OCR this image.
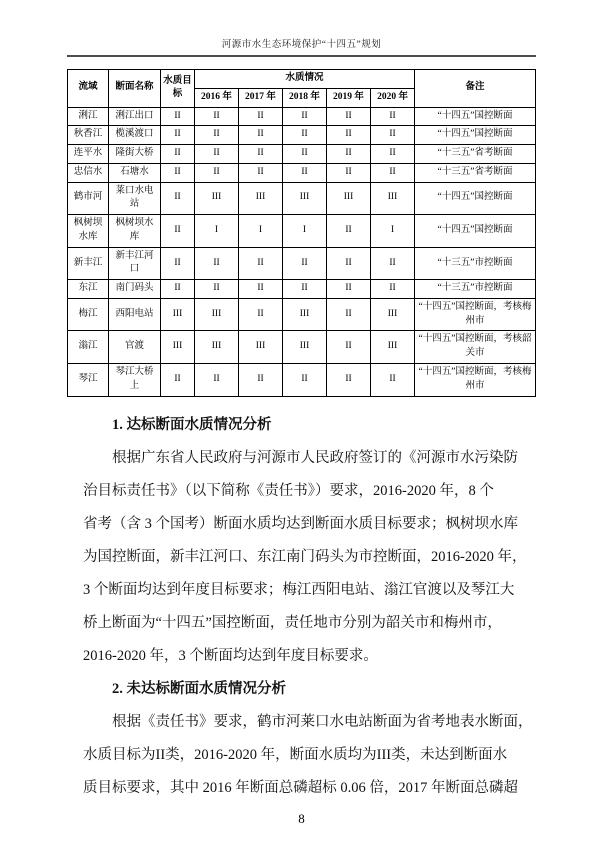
河源市水生态环境保护“十四五”规划
流域	断面名称	水质目标	水质情况					备注
			2016 年	2017 年	2018 年	2019 年	2020 年	
浰江	浰江出口	II	II	II	II	II	II	“十四五”国控断面
秋香江	榄溪渡口	II	II	II	II	II	II	“十四五”国控断面
连平水	隆街大桥	II	II	II	II	II	II	“十三五”省考断面
忠信水	石塘水	II	II	II	II	II	II	“十三五”省考断面
鹤市河	莱口水电站	II	III	III	III	III	III	“十四五”国控断面
枫树坝水库	枫树坝水库	II	I	I	I	II	I	“十四五”国控断面
新丰江	新丰江河口	II	II	II	II	II	II	“十三五”市控断面
东江	南门码头	II	II	II	II	II	II	“十三五”市控断面
梅江	西阳电站	III	III	II	III	II	III	“十四五”国控断面，考核梅州市
滃江	官渡	III	III	III	III	II	III	“十四五”国控断面，考核韶关市
琴江	琴江大桥上	II	II	II	II	II	II	“十四五”国控断面，考核梅州市
1. 达标断面水质情况分析
根据广东省人民政府与河源市人民政府签订的《河源市水污染防
治目标责任书》（以下简称《责任书》）要求，2016-2020 年，8 个
省考（含 3 个国考）断面水质均达到断面水质目标要求；枫树坝水库
为国控断面，新丰江河口、东江南门码头为市控断面，2016-2020 年，
3 个断面均达到年度目标要求；梅江西阳电站、滃江官渡以及琴江大
桥上断面为“十四五”国控断面，责任地市分别为韶关市和梅州市，
2016-2020 年，3 个断面均达到年度目标要求。
2. 未达标断面水质情况分析
根据《责任书》要求，鹤市河莱口水电站断面为省考地表水断面，
水质目标为II类，2016-2020 年，断面水质均为III类，未达到断面水
质目标要求，其中 2016 年断面总磷超标 0.06 倍，2017 年断面总磷超
8
